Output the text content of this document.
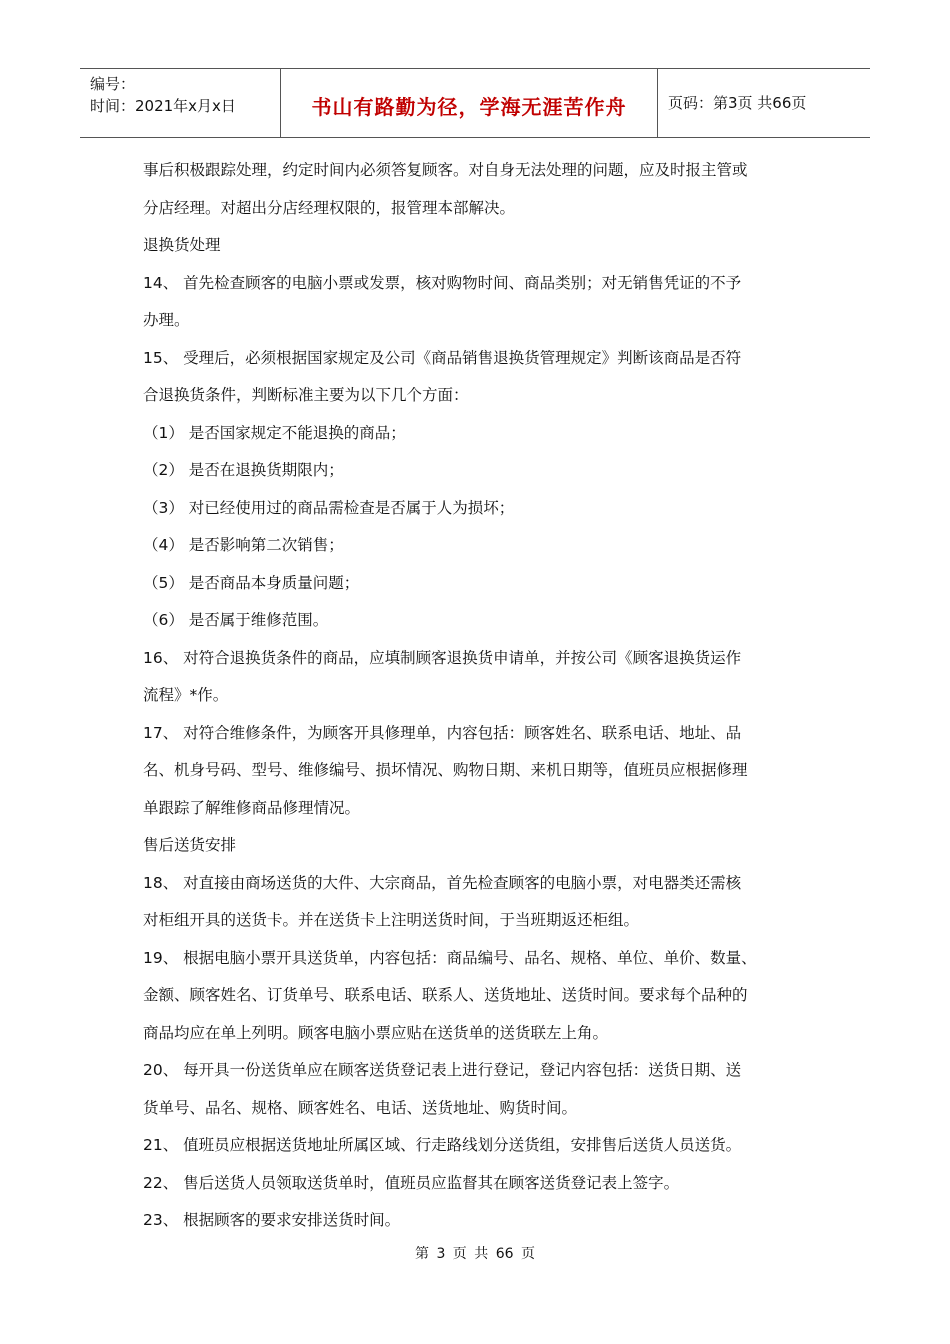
编号：
时间：2021年x月x日	书山有路勤为径，学海无涯苦作舟	页码：第3页 共66页
事后积极跟踪处理，约定时间内必须答复顾客。对自身无法处理的问题，应及时报主管或
分店经理。对超出分店经理权限的，报管理本部解决。
退换货处理
14、 首先检查顾客的电脑小票或发票，核对购物时间、商品类别；对无销售凭证的不予
办理。
15、 受理后，必须根据国家规定及公司《商品销售退换货管理规定》判断该商品是否符
合退换货条件，判断标准主要为以下几个方面：
（1） 是否国家规定不能退换的商品；
（2） 是否在退换货期限内；
（3） 对已经使用过的商品需检查是否属于人为损坏；
（4） 是否影响第二次销售；
（5） 是否商品本身质量问题；
（6） 是否属于维修范围。
16、 对符合退换货条件的商品，应填制顾客退换货申请单，并按公司《顾客退换货运作
流程》*作。
17、 对符合维修条件，为顾客开具修理单，内容包括：顾客姓名、联系电话、地址、品
名、机身号码、型号、维修编号、损坏情况、购物日期、来机日期等，值班员应根据修理
单跟踪了解维修商品修理情况。
售后送货安排
18、 对直接由商场送货的大件、大宗商品，首先检查顾客的电脑小票，对电器类还需核
对柜组开具的送货卡。并在送货卡上注明送货时间，于当班期返还柜组。
19、 根据电脑小票开具送货单，内容包括：商品编号、品名、规格、单位、单价、数量、
金额、顾客姓名、订货单号、联系电话、联系人、送货地址、送货时间。要求每个品种的
商品均应在单上列明。顾客电脑小票应贴在送货单的送货联左上角。
20、 每开具一份送货单应在顾客送货登记表上进行登记，登记内容包括：送货日期、送
货单号、品名、规格、顾客姓名、电话、送货地址、购货时间。
21、 值班员应根据送货地址所属区域、行走路线划分送货组，安排售后送货人员送货。
22、 售后送货人员领取送货单时，值班员应监督其在顾客送货登记表上签字。
23、 根据顾客的要求安排送货时间。
第 3 页 共 66 页
